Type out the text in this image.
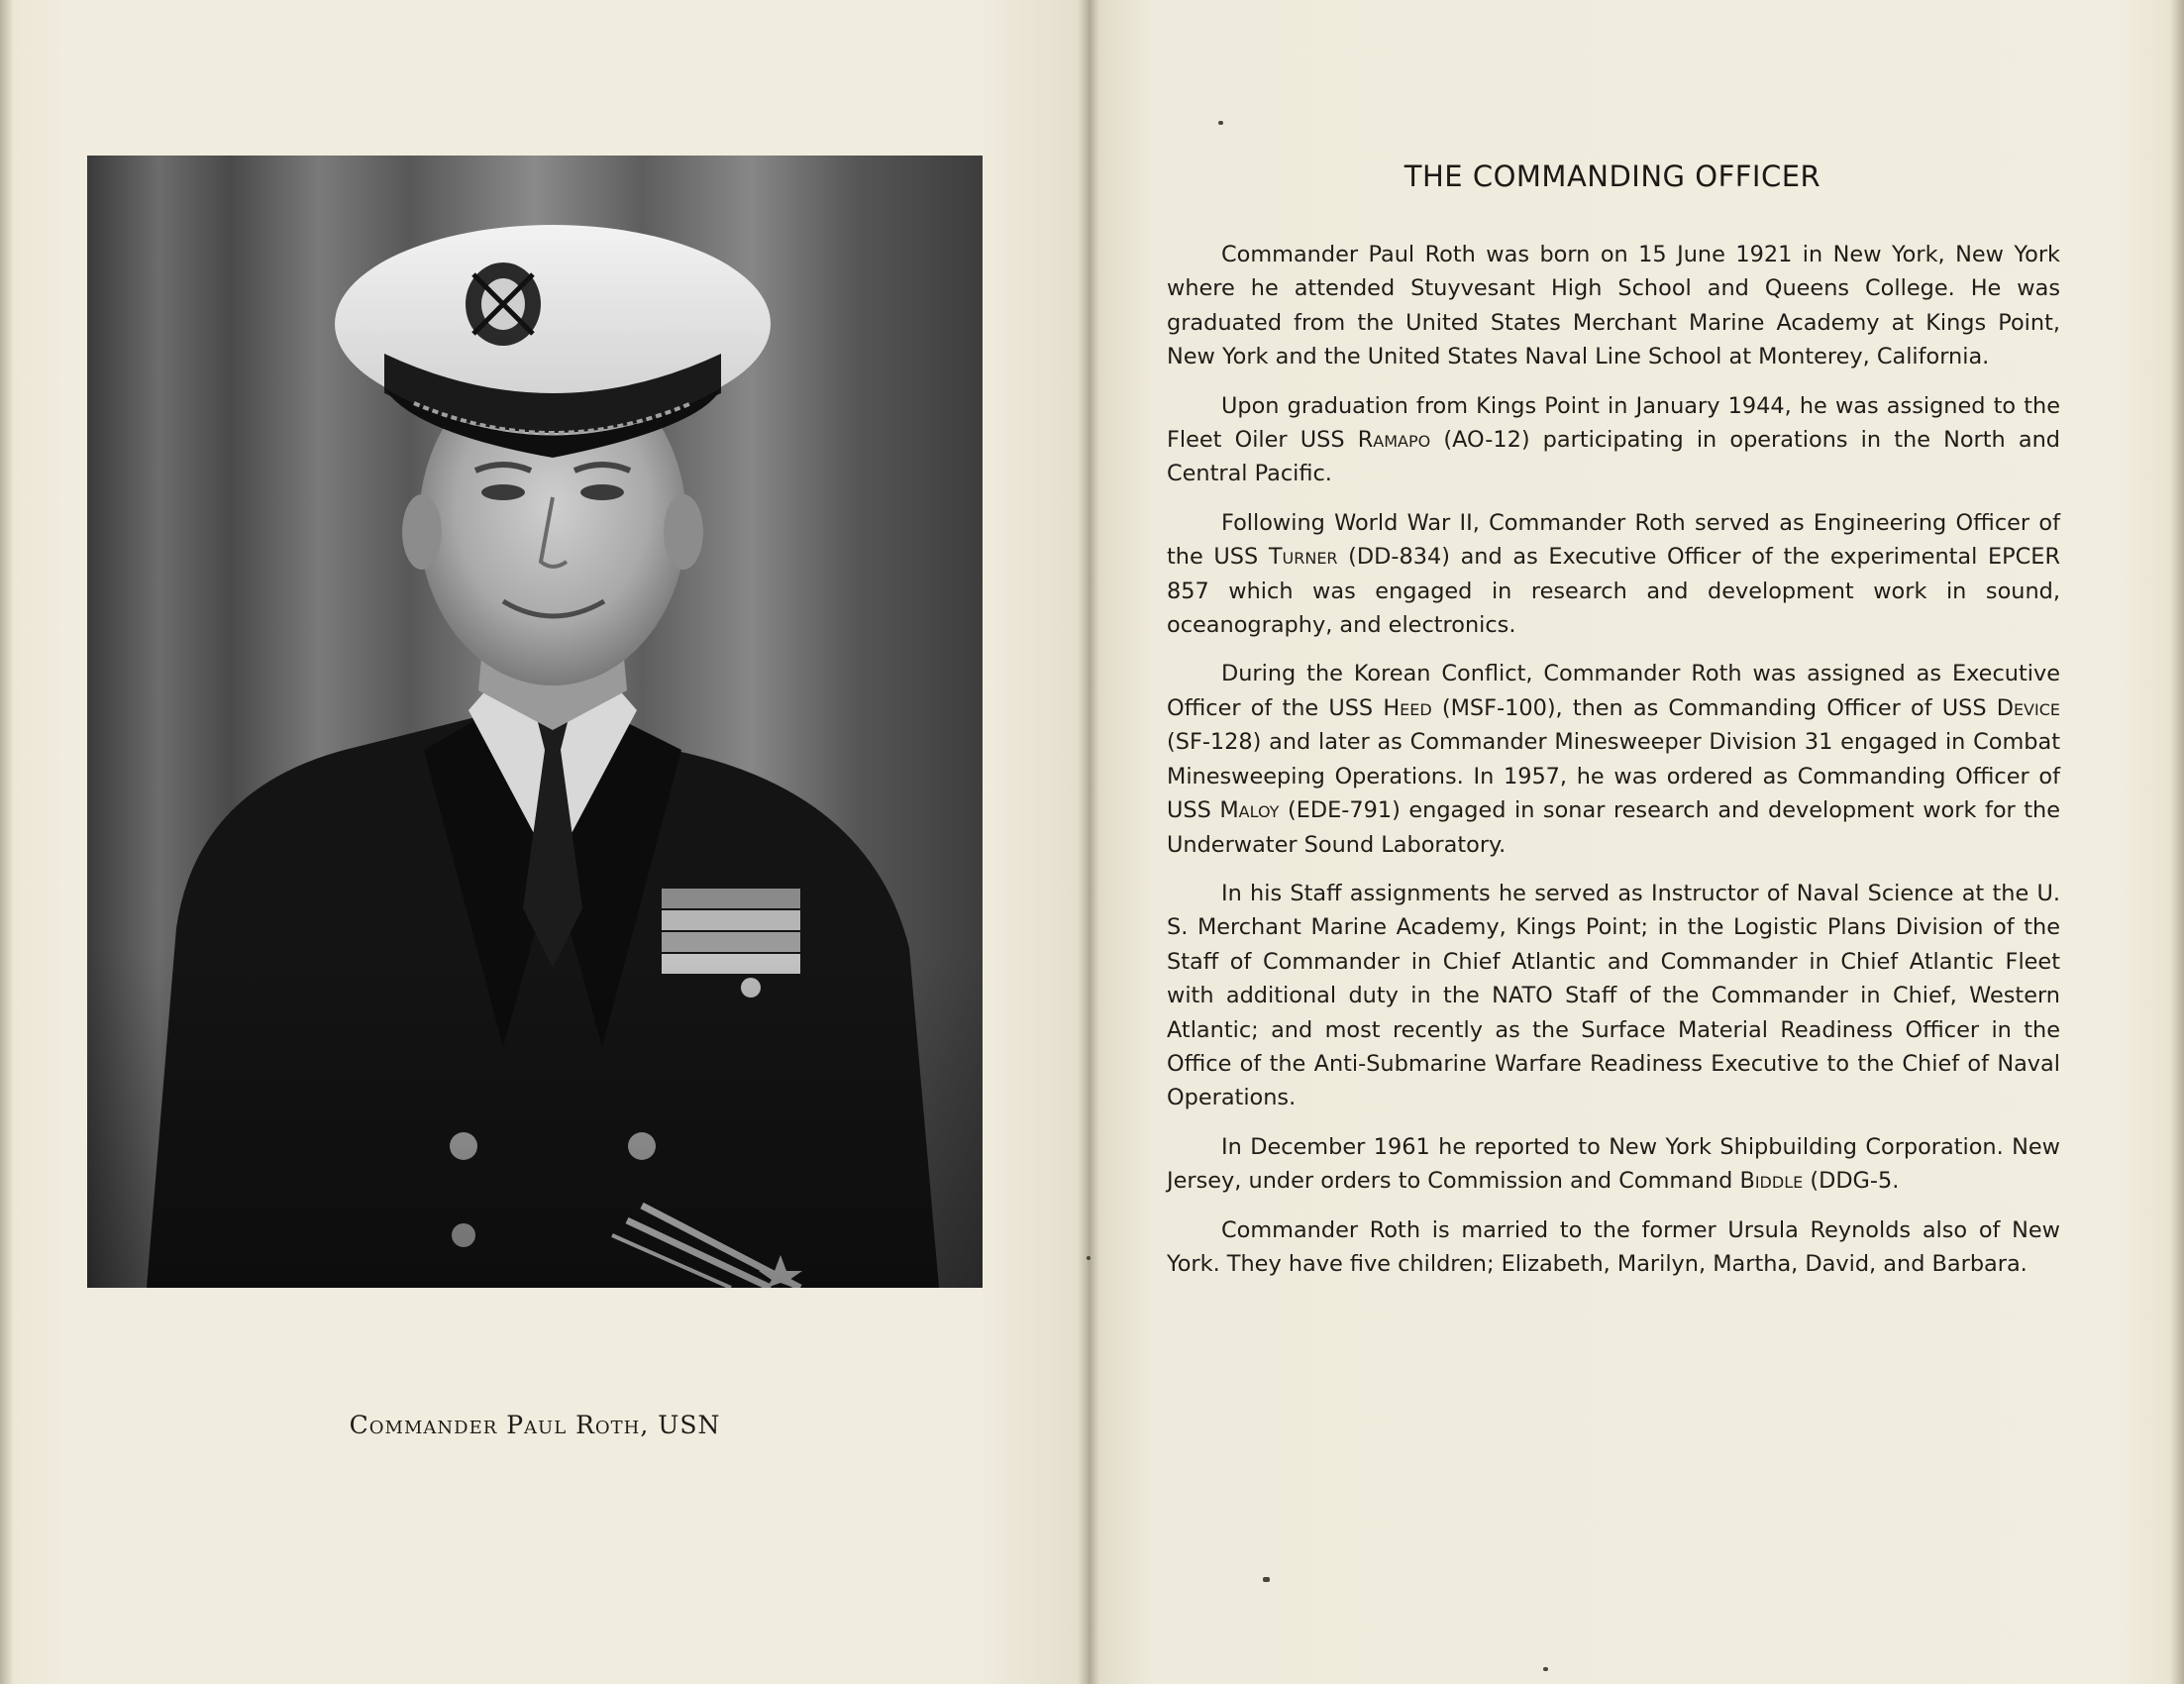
Commander Paul Roth, USN
THE COMMANDING OFFICER

Commander Paul Roth was born on 15 June 1921 in New York, New York where he attended Stuyvesant High School and Queens College. He was graduated from the United States Merchant Marine Academy at Kings Point, New York and the United States Naval Line School at Monterey, California.

Upon graduation from Kings Point in January 1944, he was assigned to the Fleet Oiler USS Ramapo (AO-12) participating in operations in the North and Central Pacific.

Following World War II, Commander Roth served as Engineering Officer of the USS Turner (DD-834) and as Executive Officer of the experimental EPCER 857 which was engaged in research and development work in sound, oceanography, and electronics.

During the Korean Conflict, Commander Roth was assigned as Executive Officer of the USS Heed (MSF-100), then as Commanding Officer of USS Device (SF-128) and later as Commander Minesweeper Division 31 engaged in Combat Minesweeping Operations. In 1957, he was ordered as Commanding Officer of USS Maloy (EDE-791) engaged in sonar research and development work for the Underwater Sound Laboratory.

In his Staff assignments he served as Instructor of Naval Science at the U. S. Merchant Marine Academy, Kings Point; in the Logistic Plans Division of the Staff of Commander in Chief Atlantic and Commander in Chief Atlantic Fleet with additional duty in the NATO Staff of the Commander in Chief, Western Atlantic; and most recently as the Surface Material Readiness Officer in the Office of the Anti-Submarine Warfare Readiness Executive to the Chief of Naval Operations.

In December 1961 he reported to New York Shipbuilding Corporation. New Jersey, under orders to Commission and Command Biddle (DDG-5.

Commander Roth is married to the former Ursula Reynolds also of New York. They have five children; Elizabeth, Marilyn, Martha, David, and Barbara.
